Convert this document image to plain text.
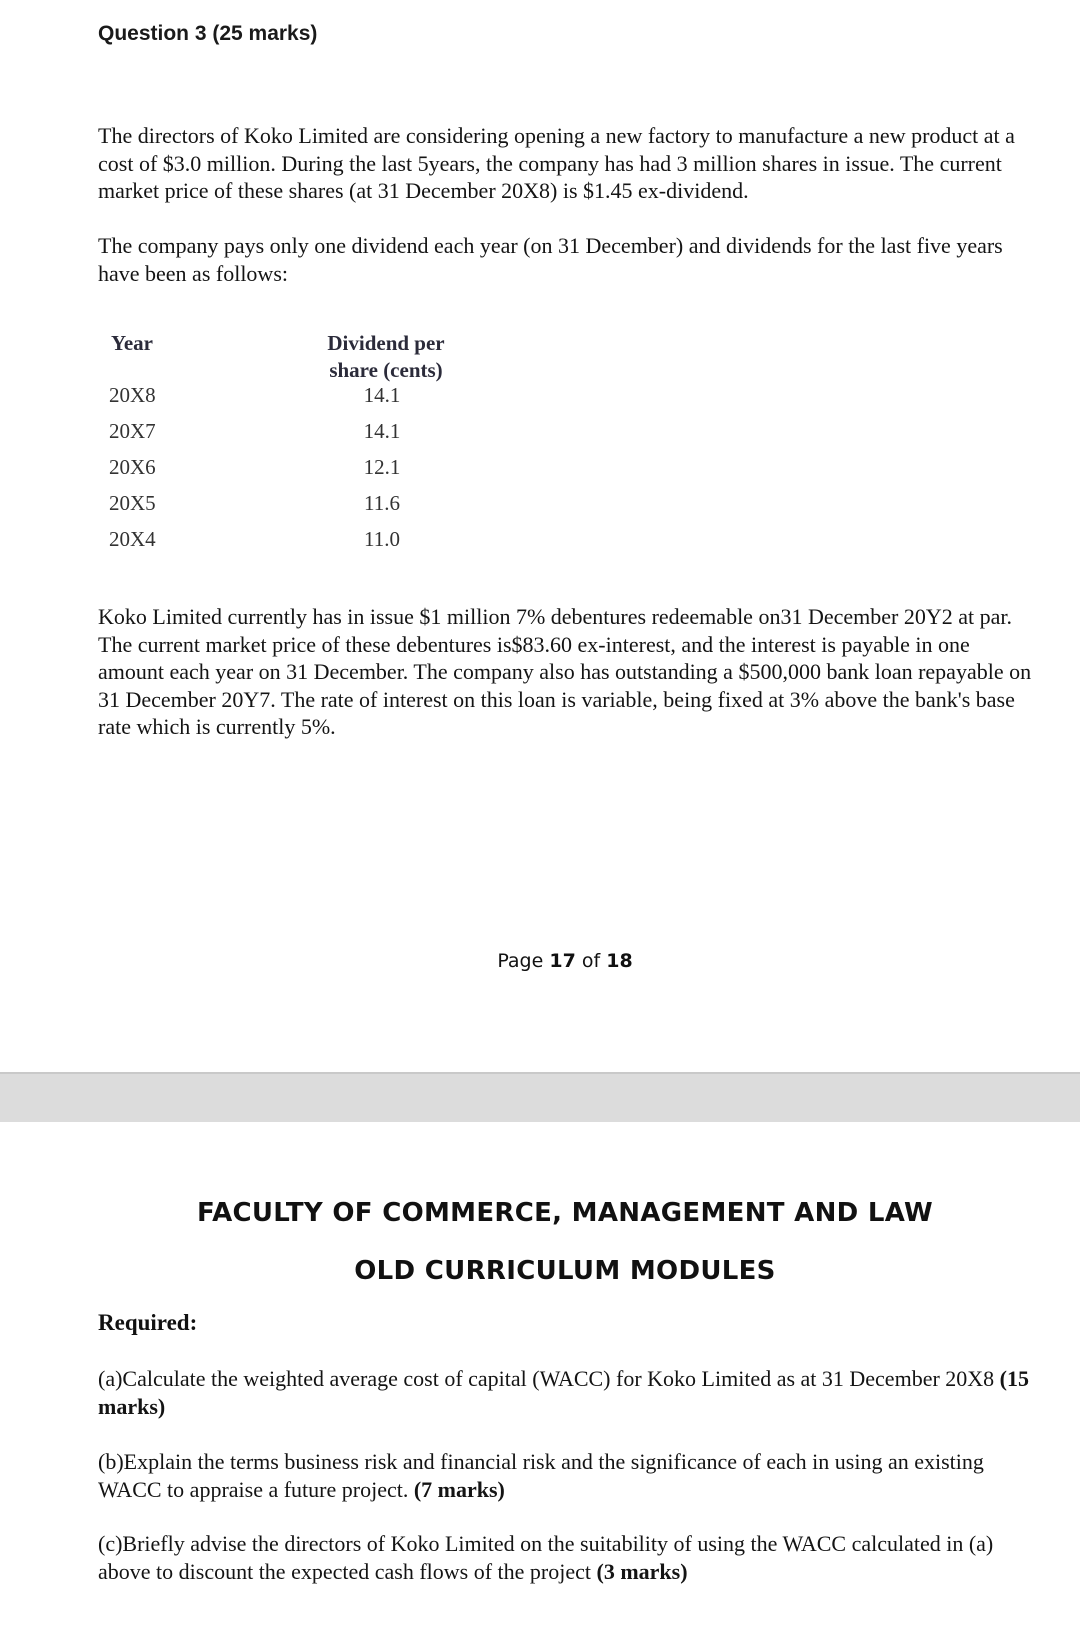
Question 3 (25 marks)

The directors of Koko Limited are considering opening a new factory to manufacture a new product at a cost of $3.0 million. During the last 5years, the company has had 3 million shares in issue. The current market price of these shares (at 31 December 20X8) is $1.45 ex-dividend.

The company pays only one dividend each year (on 31 December) and dividends for the last five years have been as follows:

Year	Dividend per
share (cents)
20X8	14.1
20X7	14.1
20X6	12.1
20X5	11.6
20X4	11.0

Koko Limited currently has in issue $1 million 7% debentures redeemable on31 December 20Y2 at par. The current market price of these debentures is$83.60 ex-interest, and the interest is payable in one amount each year on 31 December. The company also has outstanding a $500,000 bank loan repayable on 31 December 20Y7. The rate of interest on this loan is variable, being fixed at 3% above the bank's base rate which is currently 5%.

Page 17 of 18
FACULTY OF COMMERCE, MANAGEMENT AND LAW
OLD CURRICULUM MODULES
Required:

(a)Calculate the weighted average cost of capital (WACC) for Koko Limited as at 31 December 20X8 (15 marks)

(b)Explain the terms business risk and financial risk and the significance of each in using an existing WACC to appraise a future project. (7 marks)

(c)Briefly advise the directors of Koko Limited on the suitability of using the WACC calculated in (a) above to discount the expected cash flows of the project (3 marks)
